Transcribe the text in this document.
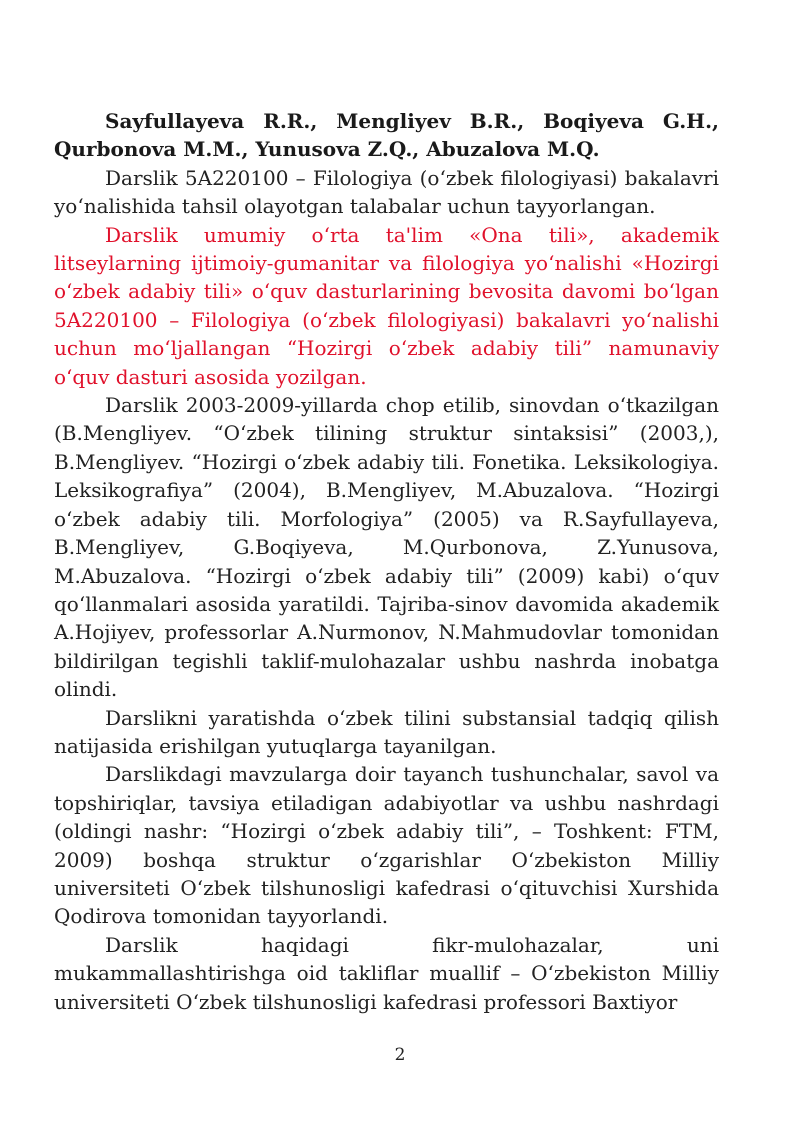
Sayfullayeva R.R., Mengliyev B.R., Boqiyeva G.H., Qurbonova M.M., Yunusova Z.Q., Abuzalova M.Q.

Darslik 5A220100 – Filologiya (o‘zbek filologiyasi) bakalavri yo‘nalishida tahsil olayotgan talabalar uchun tayyorlangan.

Darslik umumiy o‘rta ta'lim «Ona tili», akademik litseylarning ijtimoiy-gumanitar va filologiya yo‘nalishi «Hozirgi o‘zbek adabiy tili» o‘quv dasturlarining bevosita davomi bo‘lgan 5A220100 – Filologiya (o‘zbek filologiyasi) bakalavri yo‘nalishi uchun mo‘ljallangan “Hozirgi o‘zbek adabiy tili” namunaviy o‘quv dasturi asosida yozilgan.

Darslik 2003-2009-yillarda chop etilib, sinovdan o‘tkazilgan (B.Mengliyev. “O‘zbek tilining struktur sintaksisi” (2003,), B.Mengliyev. “Hozirgi o‘zbek adabiy tili. Fonetika. Leksikologiya. Leksikografiya” (2004), B.Mengliyev, M.Abuzalova. “Hozirgi o‘zbek adabiy tili. Morfologiya” (2005) va R.Sayfullayeva, B.Mengliyev, G.Boqiyeva, M.Qurbonova, Z.Yunusova, M.Abuzalova. “Hozirgi o‘zbek adabiy tili” (2009) kabi) o‘quv qo‘llanmalari asosida yaratildi. Tajriba-sinov davomida akademik A.Hojiyev, professorlar A.Nurmonov, N.Mahmudovlar tomonidan bildirilgan tegishli taklif-mulohazalar ushbu nashrda inobatga olindi.

Darslikni yaratishda o‘zbek tilini substansial tadqiq qilish natijasida erishilgan yutuqlarga tayanilgan.

Darslikdagi mavzularga doir tayanch tushunchalar, savol va topshiriqlar, tavsiya etiladigan adabiyotlar va ushbu nashrdagi (oldingi nashr: “Hozirgi o‘zbek adabiy tili”, – Toshkent: FTM, 2009) boshqa struktur o‘zgarishlar O‘zbekiston Milliy universiteti O‘zbek tilshunosligi kafedrasi o‘qituvchisi Xurshida Qodirova tomonidan tayyorlandi.

Darslik haqidagi fikr-mulohazalar, uni mukammallashtirishga oid takliflar muallif – O‘zbekiston Milliy universiteti O‘zbek tilshunosligi kafedrasi professori Baxtiyor

2
